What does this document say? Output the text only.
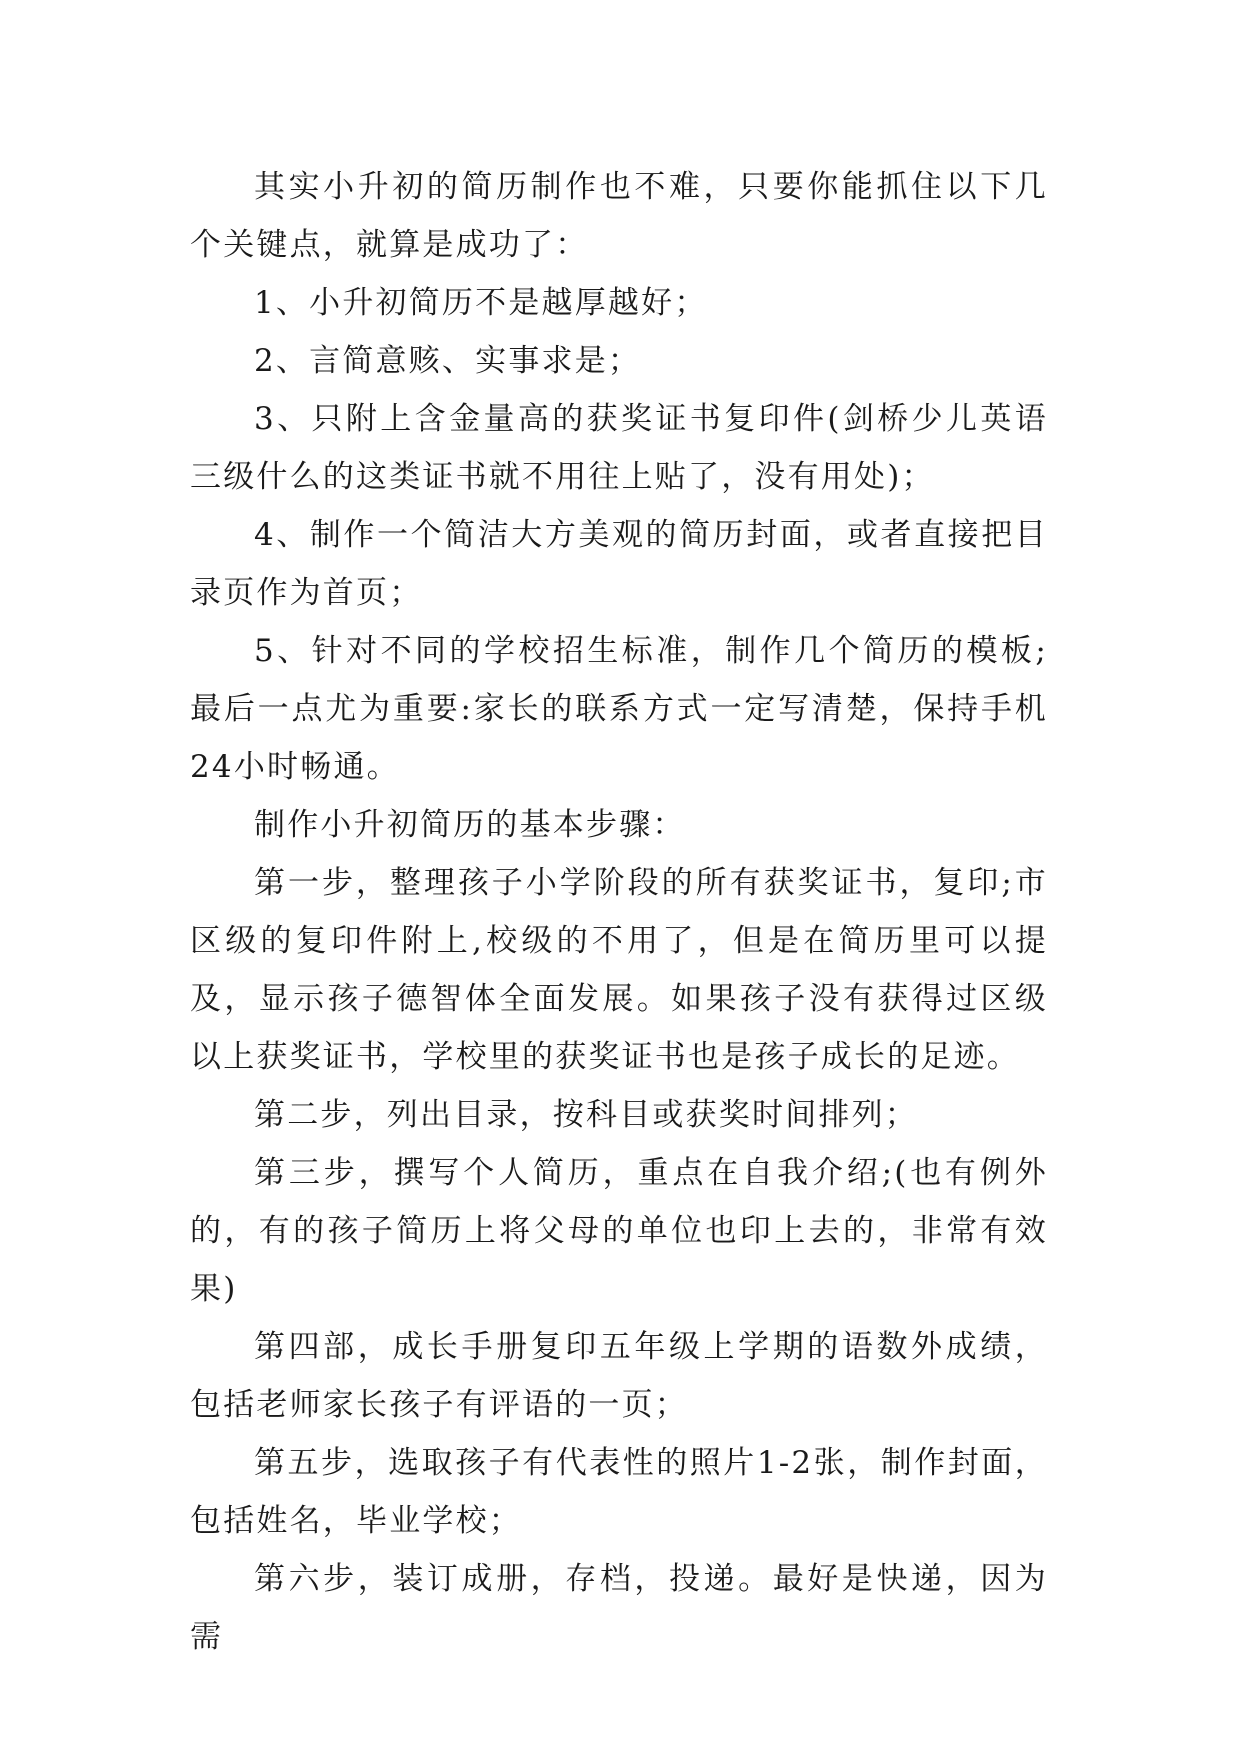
其实小升初的简历制作也不难，只要你能抓住以下几个关键点，就算是成功了：

1、小升初简历不是越厚越好；

2、言简意赅、实事求是；

3、只附上含金量高的获奖证书复印件(剑桥少儿英语三级什么的这类证书就不用往上贴了，没有用处)；

4、制作一个简洁大方美观的简历封面，或者直接把目录页作为首页；

5、针对不同的学校招生标准，制作几个简历的模板;最后一点尤为重要:家长的联系方式一定写清楚，保持手机24小时畅通。

制作小升初简历的基本步骤：

第一步，整理孩子小学阶段的所有获奖证书，复印;市区级的复印件附上,校级的不用了，但是在简历里可以提及，显示孩子德智体全面发展。如果孩子没有获得过区级以上获奖证书，学校里的获奖证书也是孩子成长的足迹。

第二步，列出目录，按科目或获奖时间排列；

第三步，撰写个人简历，重点在自我介绍;(也有例外的，有的孩子简历上将父母的单位也印上去的，非常有效果)

第四部，成长手册复印五年级上学期的语数外成绩，包括老师家长孩子有评语的一页；

第五步，选取孩子有代表性的照片1-2张，制作封面，包括姓名，毕业学校；

第六步，装订成册，存档，投递。最好是快递，因为需
